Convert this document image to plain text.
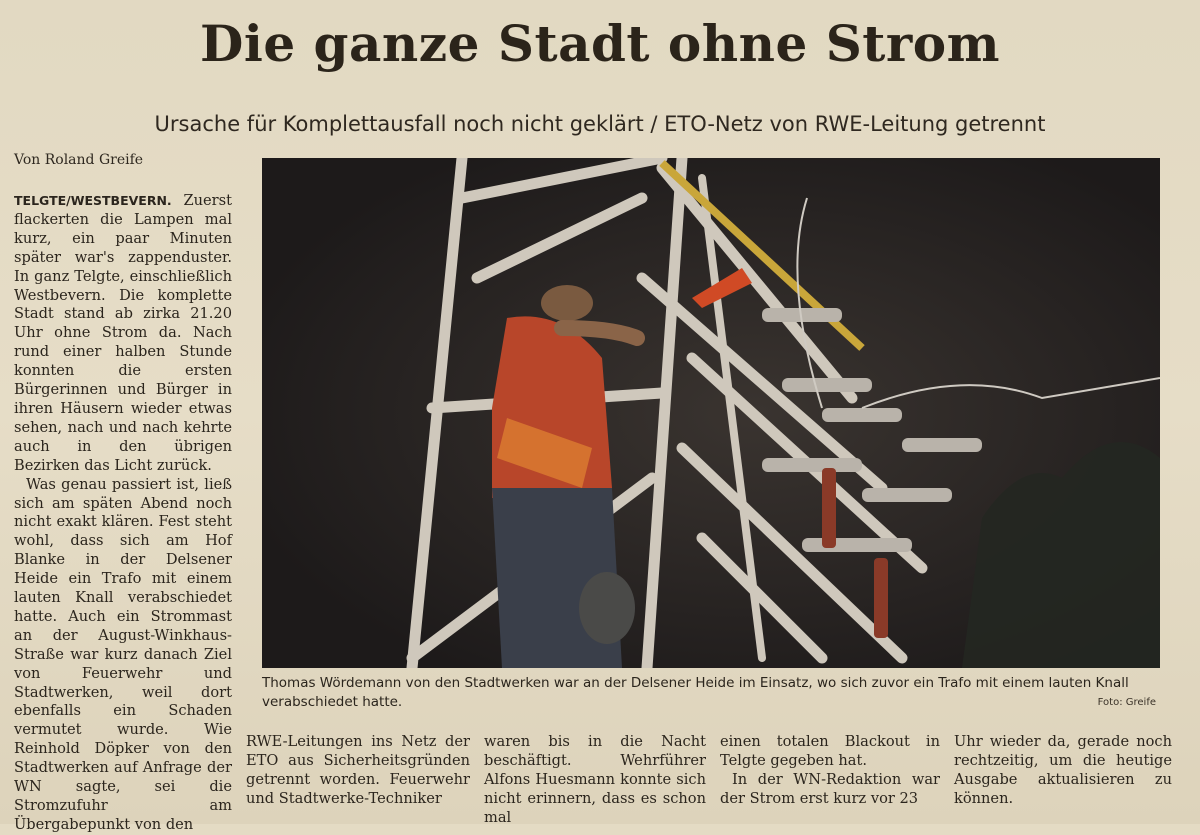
Die ganze Stadt ohne Strom
Ursache für Komplettausfall noch nicht geklärt / ETO-Netz von RWE-Leitung getrennt
Von Roland Greife

TELGTE/WESTBEVERN. Zuerst flackerten die Lampen mal kurz, ein paar Minuten später war's zappenduster. In ganz Telgte, einschließlich Westbevern. Die komplette Stadt stand ab zirka 21.20 Uhr ohne Strom da. Nach rund einer halben Stunde konnten die ersten Bürgerinnen und Bürger in ihren Häusern wieder etwas sehen, nach und nach kehrte auch in den übrigen Bezirken das Licht zurück.

Was genau passiert ist, ließ sich am späten Abend noch nicht exakt klären. Fest steht wohl, dass sich am Hof Blanke in der Delsener Heide ein Trafo mit einem lauten Knall verabschiedet hatte. Auch ein Strommast an der August-Winkhaus-Straße war kurz danach Ziel von Feuerwehr und Stadtwerken, weil dort ebenfalls ein Schaden vermutet wurde. Wie Reinhold Döpker von den Stadtwerken auf Anfrage der WN sagte, sei die Stromzufuhr am Übergabepunkt von den

Thomas Wördemann von den Stadtwerken war an der Delsener Heide im Einsatz, wo sich zuvor ein Trafo mit einem lauten Knall verabschiedet hatte.	Foto: Greife

RWE-Leitungen ins Netz der ETO aus Sicherheitsgründen getrennt worden. Feuerwehr und Stadtwerke-Techniker

waren bis in die Nacht beschäftigt. Wehrführer Alfons Huesmann konnte sich nicht erinnern, dass es schon mal

einen totalen Blackout in Telgte gegeben hat.

In der WN-Redaktion war der Strom erst kurz vor 23

Uhr wieder da, gerade noch rechtzeitig, um die heutige Ausgabe aktualisieren zu können.
